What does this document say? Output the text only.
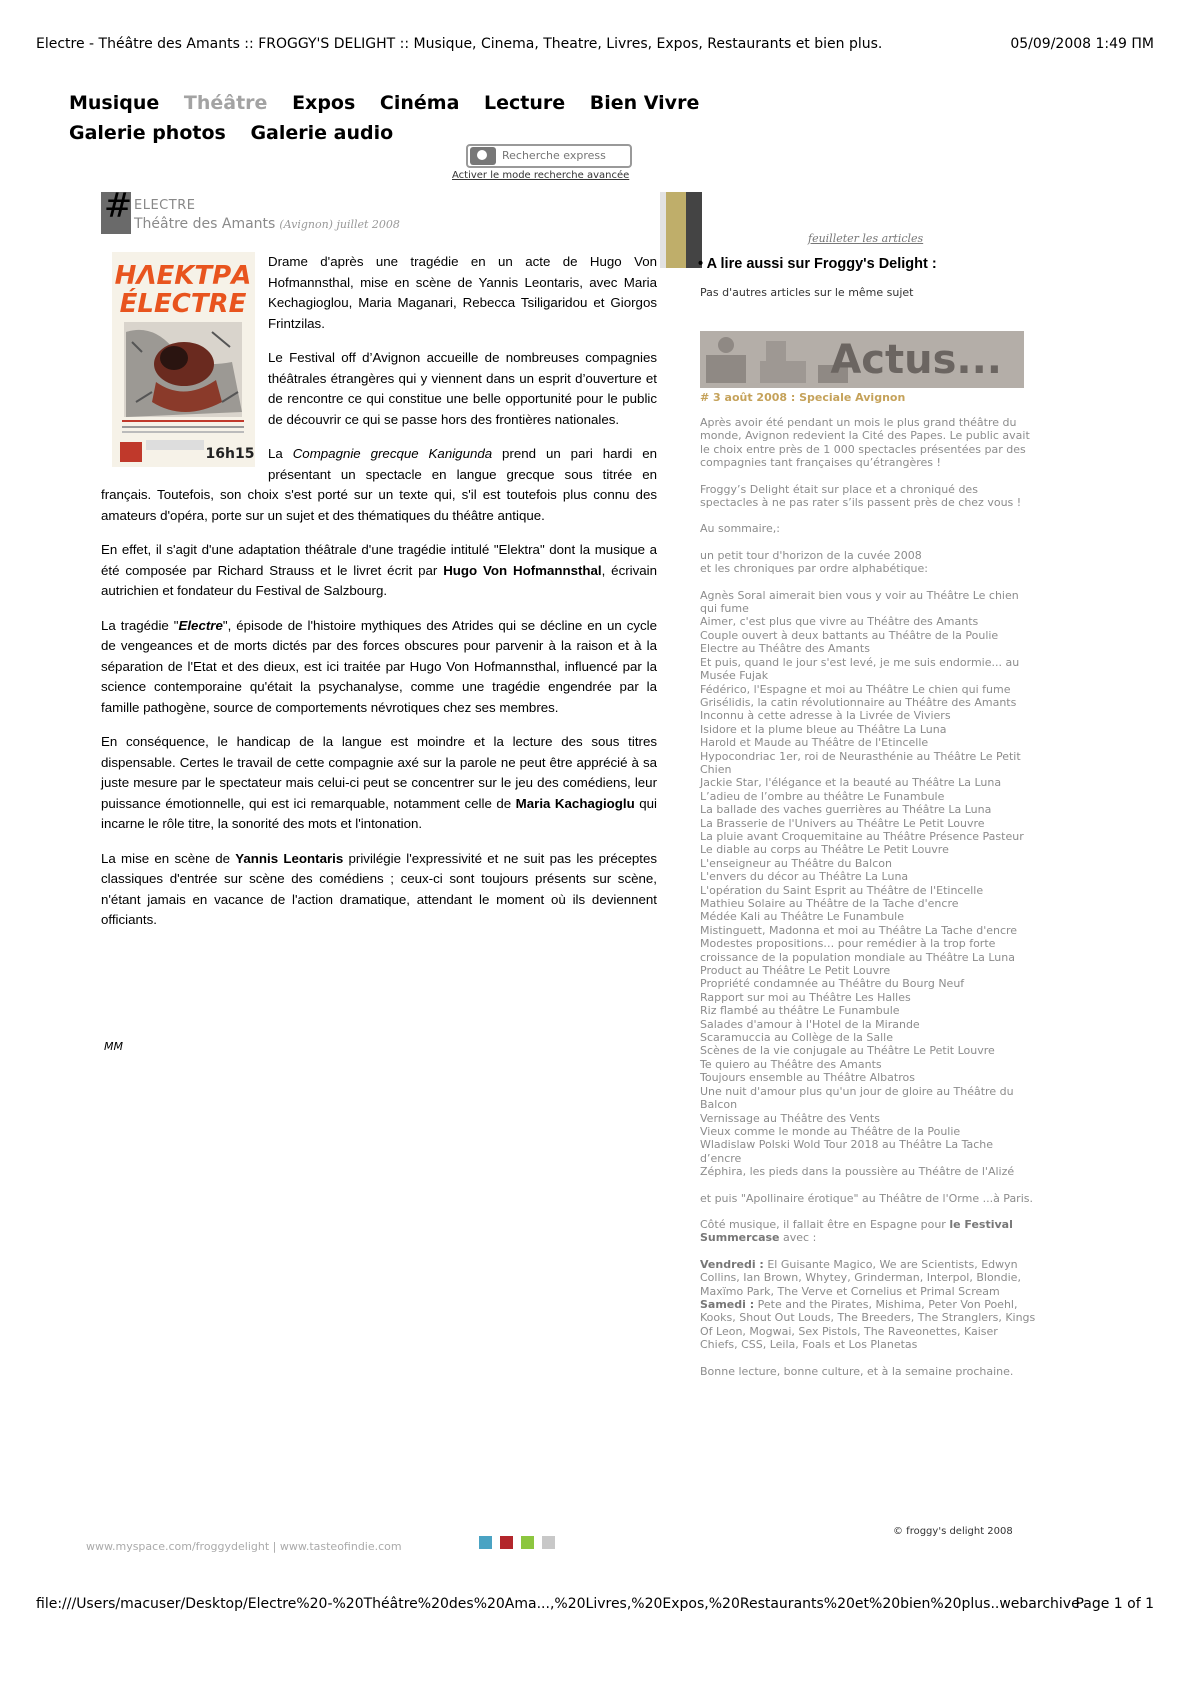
Electre - Théâtre des Amants :: FROGGY'S DELIGHT :: Musique, Cinema, Theatre, Livres, Expos, Restaurants et bien plus.	05/09/2008 1:49 ΠΜ
Musique Théâtre Expos Cinéma Lecture Bien Vivre
Galerie photos Galerie audio
Recherche express
Activer le mode recherche avancée
# ELECTRE
Théâtre des Amants (Avignon) juillet 2008
ΗΛΕΚΤΡΑ
ÉLECTRE
16h15

Drame d'après une tragédie en un acte de Hugo Von Hofmannsthal, mise en scène de Yannis Leontaris, avec Maria Kechagioglou, Maria Maganari, Rebecca Tsiligaridou et Giorgos Frintzilas.

Le Festival off d’Avignon accueille de nombreuses compagnies théâtrales étrangères qui y viennent dans un esprit d’ouverture et de rencontre ce qui constitue une belle opportunité pour le public de découvrir ce qui se passe hors des frontières nationales.

La Compagnie grecque Kanigunda prend un pari hardi en présentant un spectacle en langue grecque sous titrée en français. Toutefois, son choix s'est porté sur un texte qui, s'il est toutefois plus connu des amateurs d'opéra, porte sur un sujet et des thématiques du théâtre antique.

En effet, il s'agit d'une adaptation théâtrale d'une tragédie intitulé "Elektra" dont la musique a été composée par Richard Strauss et le livret écrit par Hugo Von Hofmannsthal, écrivain autrichien et fondateur du Festival de Salzbourg.

La tragédie "Electre", épisode de l'histoire mythiques des Atrides qui se décline en un cycle de vengeances et de morts dictés par des forces obscures pour parvenir à la raison et à la séparation de l'Etat et des dieux, est ici traitée par Hugo Von Hofmannsthal, influencé par la science contemporaine qu'était la psychanalyse, comme une tragédie engendrée par la famille pathogène, source de comportements névrotiques chez ses membres.

En conséquence, le handicap de la langue est moindre et la lecture des sous titres dispensable. Certes le travail de cette compagnie axé sur la parole ne peut être apprécié à sa juste mesure par le spectateur mais celui-ci peut se concentrer sur le jeu des comédiens, leur puissance émotionnelle, qui est ici remarquable, notamment celle de Maria Kachagioglu qui incarne le rôle titre, la sonorité des mots et l'intonation.

La mise en scène de Yannis Leontaris privilégie l'expressivité et ne suit pas les préceptes classiques d'entrée sur scène des comédiens ; ceux-ci sont toujours présents sur scène, n'étant jamais en vacance de l'action dramatique, attendant le moment où ils deviennent officiants.

MM
feuilleter les articles
• A lire aussi sur Froggy's Delight :
Pas d'autres articles sur le même sujet
Actus...
# 3 août 2008 : Speciale Avignon

Après avoir été pendant un mois le plus grand théâtre du monde, Avignon redevient la Cité des Papes. Le public avait le choix entre près de 1 000 spectacles présentées par des compagnies tant françaises qu’étrangères !

Froggy’s Delight était sur place et a chroniqué des spectacles à ne pas rater s’ils passent près de chez vous !

Au sommaire,:

un petit tour d'horizon de la cuvée 2008
et les chroniques par ordre alphabétique:

Agnès Soral aimerait bien vous y voir au Théâtre Le chien qui fume
Aimer, c'est plus que vivre au Théâtre des Amants
Couple ouvert à deux battants au Théâtre de la Poulie
Electre au Théâtre des Amants
Et puis, quand le jour s'est levé, je me suis endormie... au Musée Fujak
Fédérico, l'Espagne et moi au Théâtre Le chien qui fume
Grisélidis, la catin révolutionnaire au Théâtre des Amants
Inconnu à cette adresse à la Livrée de Viviers
Isidore et la plume bleue au Théâtre La Luna
Harold et Maude au Théâtre de l'Etincelle
Hypocondriac 1er, roi de Neurasthénie au Théâtre Le Petit Chien
Jackie Star, l'élégance et la beauté au Théâtre La Luna
L’adieu de l’ombre au théâtre Le Funambule
La ballade des vaches guerrières au Théâtre La Luna
La Brasserie de l'Univers au Théâtre Le Petit Louvre
La pluie avant Croquemitaine au Théâtre Présence Pasteur
Le diable au corps au Théâtre Le Petit Louvre
L'enseigneur au Théâtre du Balcon
L'envers du décor au Théâtre La Luna
L'opération du Saint Esprit au Théâtre de l'Etincelle
Mathieu Solaire au Théâtre de la Tache d'encre
Médée Kali au Théâtre Le Funambule
Mistinguett, Madonna et moi au Théâtre La Tache d'encre
Modestes propositions… pour remédier à la trop forte croissance de la population mondiale au Théâtre La Luna
Product au Théâtre Le Petit Louvre
Propriété condamnée au Théâtre du Bourg Neuf
Rapport sur moi au Théâtre Les Halles
Riz flambé au théâtre Le Funambule
Salades d'amour à l'Hotel de la Mirande
Scaramuccia au Collège de la Salle
Scènes de la vie conjugale au Théâtre Le Petit Louvre
Te quiero au Théâtre des Amants
Toujours ensemble au Théâtre Albatros
Une nuit d'amour plus qu'un jour de gloire au Théâtre du Balcon
Vernissage au Théâtre des Vents
Vieux comme le monde au Théâtre de la Poulie
Wladislaw Polski Wold Tour 2018 au Théâtre La Tache d’encre
Zéphira, les pieds dans la poussière au Théâtre de l'Alizé

et puis "Apollinaire érotique" au Théâtre de l'Orme ...à Paris.

Côté musique, il fallait être en Espagne pour le Festival Summercase avec :

Vendredi : El Guisante Magico, We are Scientists, Edwyn Collins, Ian Brown, Whytey, Grinderman, Interpol, Blondie, Maxïmo Park, The Verve et Cornelius et Primal Scream
Samedi : Pete and the Pirates, Mishima, Peter Von Poehl, Kooks, Shout Out Louds, The Breeders, The Stranglers, Kings Of Leon, Mogwai, Sex Pistols, The Raveonettes, Kaiser Chiefs, CSS, Leila, Foals et Los Planetas

Bonne lecture, bonne culture, et à la semaine prochaine.

www.myspace.com/froggydelight | www.tasteofindie.com
© froggy's delight 2008
file:///Users/macuser/Desktop/Electre%20-%20Théâtre%20des%20Ama...,%20Livres,%20Expos,%20Restaurants%20et%20bien%20plus..webarchive
Page 1 of 1
